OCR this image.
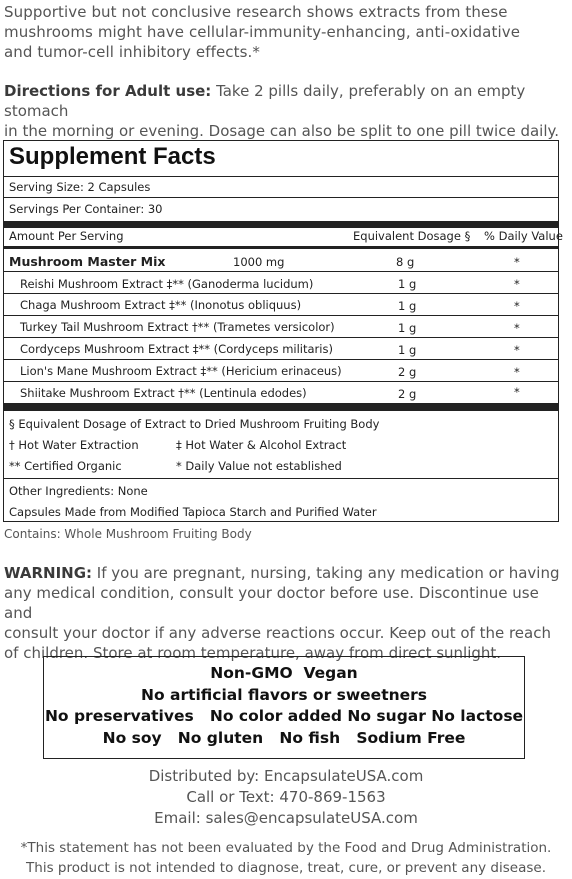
Supportive but not conclusive research shows extracts from these
mushrooms might have cellular-immunity-enhancing, anti-oxidative
and tumor-cell inhibitory effects.*
Directions for Adult use: Take 2 pills daily, preferably on an empty stomach
in the morning or evening. Dosage can also be split to one pill twice daily.
Supplement Facts
Serving Size: 2 Capsules
Servings Per Container: 30
Amount Per Serving	Equivalent Dosage § % Daily Value
Mushroom Master Mix	1000 mg	8 g	*
Reishi Mushroom Extract ‡** (Ganoderma lucidum)	1 g	*
Chaga Mushroom Extract ‡** (Inonotus obliquus)	1 g	*
Turkey Tail Mushroom Extract †** (Trametes versicolor)	1 g	*
Cordyceps Mushroom Extract ‡** (Cordyceps militaris)	1 g	*
Lion's Mane Mushroom Extract ‡** (Hericium erinaceus)	2 g	*
Shiitake Mushroom Extract †** (Lentinula edodes)	2 g	*
§ Equivalent Dosage of Extract to Dried Mushroom Fruiting Body
† Hot Water Extraction	‡ Hot Water & Alcohol Extract
** Certified Organic	* Daily Value not established
Other Ingredients: None
Capsules Made from Modified Tapioca Starch and Purified Water
Contains: Whole Mushroom Fruiting Body
WARNING: If you are pregnant, nursing, taking any medication or having
any medical condition, consult your doctor before use. Discontinue use and
consult your doctor if any adverse reactions occur. Keep out of the reach
of children. Store at room temperature, away from direct sunlight.
Non-GMO  Vegan
No artificial flavors or sweetners
No preservatives   No color added No sugar No lactose
No soy   No gluten   No fish   Sodium Free
Distributed by: EncapsulateUSA.com
Call or Text: 470-869-1563
Email: sales@encapsulateUSA.com
*This statement has not been evaluated by the Food and Drug Administration.
This product is not intended to diagnose, treat, cure, or prevent any disease.
